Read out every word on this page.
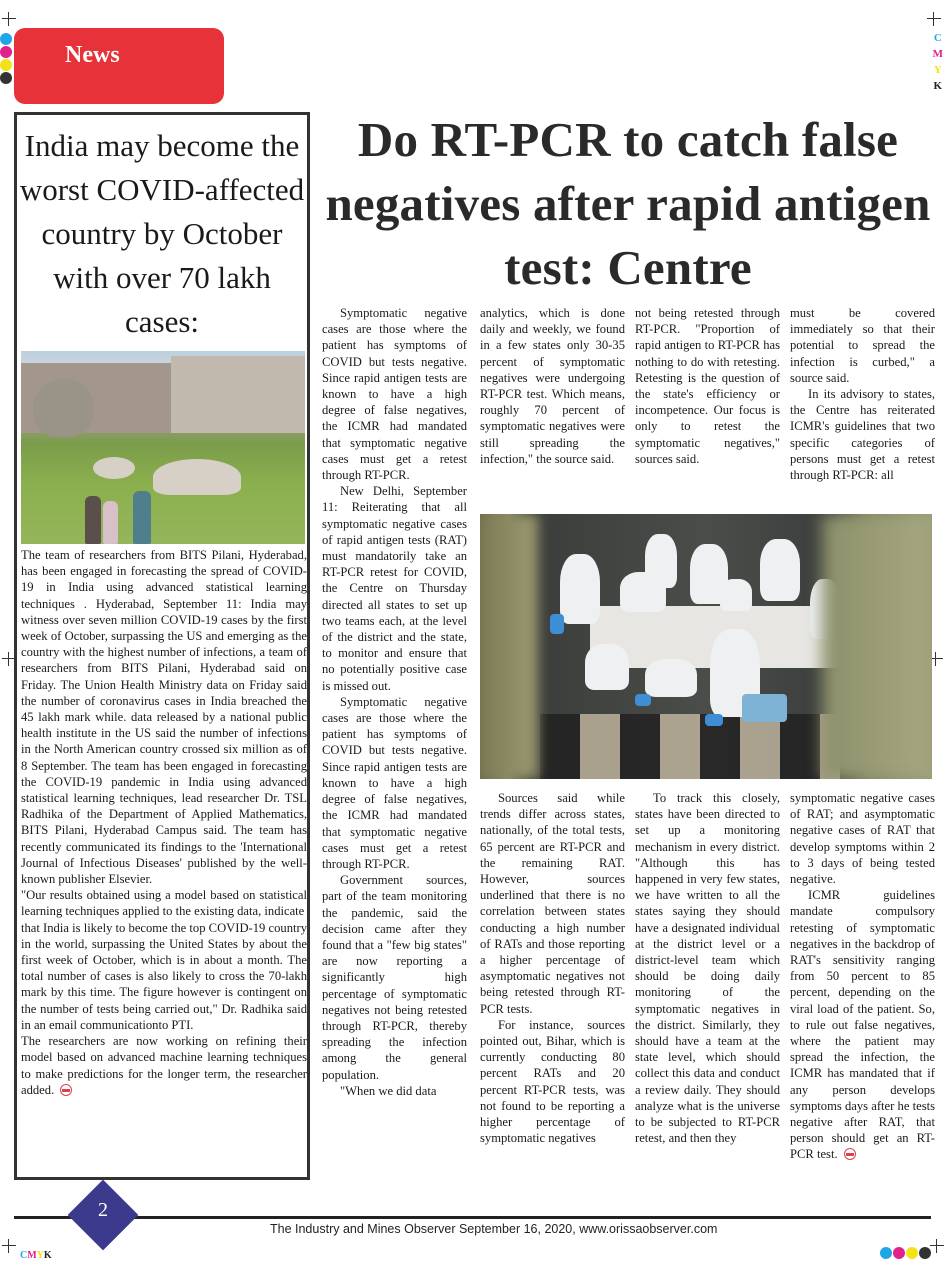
C
M
Y
K
CMYK
News
India may become the worst COVID-affected country by October with over 70 lakh cases:

The team of researchers from BITS Pilani, Hyderabad, has been engaged in forecasting the spread of COVID-19 in India using advanced statistical learning techniques . Hyderabad, September 11: India may witness over seven million COVID-19 cases by the first week of October, surpassing the US and emerging as the country with the highest number of infections, a team of researchers from BITS Pilani, Hyderabad said on Friday. The Union Health Ministry data on Friday said the number of coronavirus cases in India breached the 45 lakh mark while. data released by a national public health institute in the US said the number of infections in the North American country crossed six million as of 8 September. The team has been engaged in forecasting the COVID-19 pandemic in India using advanced statistical learning techniques, lead researcher Dr. TSL Radhika of the Department of Applied Mathematics, BITS Pilani, Hyderabad Campus said. The team has recently communicated its findings to the 'International Journal of Infectious Diseases' published by the well-known publisher Elsevier.

"Our results obtained using a model based on statistical learning techniques applied to the existing data, indicate

that India is likely to become the top COVID-19 country in the world, surpassing the United States by about the first week of October, which is in about a month. The total number of cases is also likely to cross the 70-lakh mark by this time. The figure however is contingent on the number of tests being carried out," Dr. Radhika said in an email communicationto PTI.

The researchers are now working on refining their model based on advanced machine learning techniques to make predictions for the longer term, the researcher added.

Do RT-PCR to catch false negatives after rapid antigen test: Centre

Symptomatic negative cases are those where the patient has symptoms of COVID but tests negative. Since rapid antigen tests are known to have a high degree of false negatives, the ICMR had mandated that symptomatic negative cases must get a retest through RT-PCR.

New Delhi, September 11: Reiterating that all symptomatic negative cases of rapid antigen tests (RAT) must mandatorily take an RT-PCR retest for COVID, the Centre on Thursday directed all states to set up two teams each, at the level of the district and the state, to monitor and ensure that no potentially positive case is missed out.

Symptomatic negative cases are those where the patient has symptoms of COVID but tests negative. Since rapid antigen tests are known to have a high degree of false negatives, the ICMR had mandated that symptomatic negative cases must get a retest through RT-PCR.

Government sources, part of the team monitoring the pandemic, said the decision came after they found that a "few big states" are now reporting a significantly high percentage of symptomatic negatives not being retested through RT-PCR, thereby spreading the infection among the general population.

"When we did data

analytics, which is done daily and weekly, we found in a few states only 30-35 percent of symptomatic negatives were undergoing RT-PCR test. Which means, roughly 70 percent of symptomatic negatives were still spreading the infection," the source said.

Sources said while trends differ across states, nationally, of the total tests, 65 percent are RT-PCR and the remaining RAT. However, sources underlined that there is no correlation between states conducting a high number of RATs and those reporting a higher percentage of asymptomatic negatives not being retested through RT-PCR tests.

For instance, sources pointed out, Bihar, which is currently conducting 80 percent RATs and 20 percent RT-PCR tests, was not found to be reporting a higher percentage of symptomatic negatives

not being retested through RT-PCR. "Proportion of rapid antigen to RT-PCR has nothing to do with retesting. Retesting is the question of the state's efficiency or incompetence. Our focus is only to retest the symptomatic negatives," sources said.

To track this closely, states have been directed to set up a monitoring mechanism in every district. "Although this has happened in very few states, we have written to all the states saying they should have a designated individual at the district level or a district-level team which should be doing daily monitoring of the symptomatic negatives in the district. Similarly, they should have a team at the state level, which should collect this data and conduct a review daily. They should analyze what is the universe to be subjected to RT-PCR retest, and then they

must be covered immediately so that their potential to spread the infection is curbed," a source said.

In its advisory to states, the Centre has reiterated ICMR's guidelines that two specific categories of persons must get a retest through RT-PCR: all

symptomatic negative cases of RAT; and asymptomatic negative cases of RAT that develop symptoms within 2 to 3 days of being tested negative.

ICMR guidelines mandate compulsory retesting of symptomatic negatives in the backdrop of RAT's sensitivity ranging from 50 percent to 85 percent, depending on the viral load of the patient. So, to rule out false negatives, where the patient may spread the infection, the ICMR has mandated that if any person develops symptoms days after he tests negative after RAT, that person should get an RT-PCR test.

2
The Industry and Mines Observer September 16, 2020, www.orissaobserver.com
